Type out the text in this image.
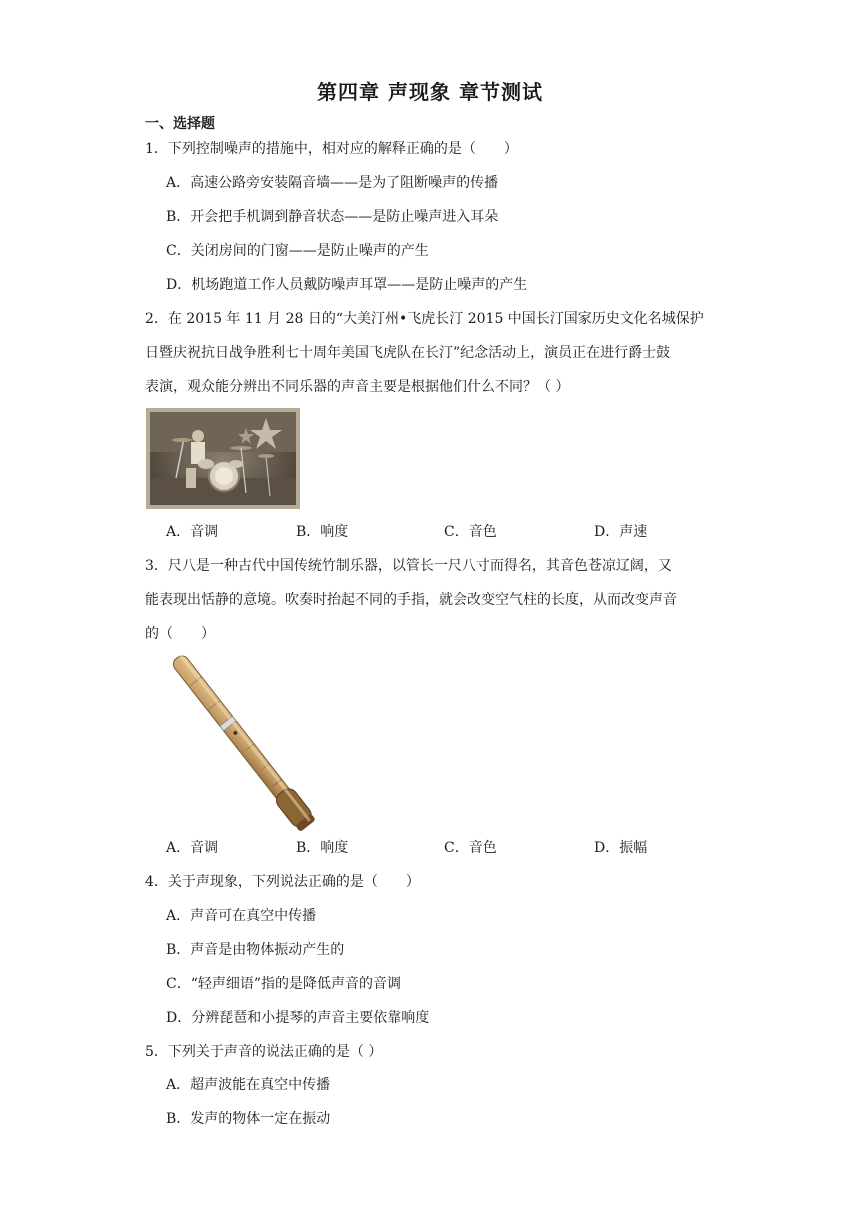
第四章 声现象 章节测试
一、选择题
1．下列控制噪声的措施中，相对应的解释正确的是（　　）
A．高速公路旁安装隔音墙——是为了阻断噪声的传播
B．开会把手机调到静音状态——是防止噪声进入耳朵
C．关闭房间的门窗——是防止噪声的产生
D．机场跑道工作人员戴防噪声耳罩——是防止噪声的产生
2．在 2015 年 11 月 28 日的“大美汀州•飞虎长汀 2015 中国长汀国家历史文化名城保护
日暨庆祝抗日战争胜利七十周年美国飞虎队在长汀”纪念活动上，演员正在进行爵士鼓
表演，观众能分辨出不同乐器的声音主要是根据他们什么不同？（ ）
A．音调	B．响度	C．音色	D．声速
3．尺八是一种古代中国传统竹制乐器，以管长一尺八寸而得名，其音色苍凉辽阔，又
能表现出恬静的意境。吹奏时抬起不同的手指，就会改变空气柱的长度，从而改变声音
的（　　）
A．音调	B．响度	C．音色	D．振幅
4．关于声现象，下列说法正确的是（　　）
A．声音可在真空中传播
B．声音是由物体振动产生的
C．“轻声细语”指的是降低声音的音调
D．分辨琵琶和小提琴的声音主要依靠响度
5．下列关于声音的说法正确的是（ ）
A．超声波能在真空中传播
B．发声的物体一定在振动
